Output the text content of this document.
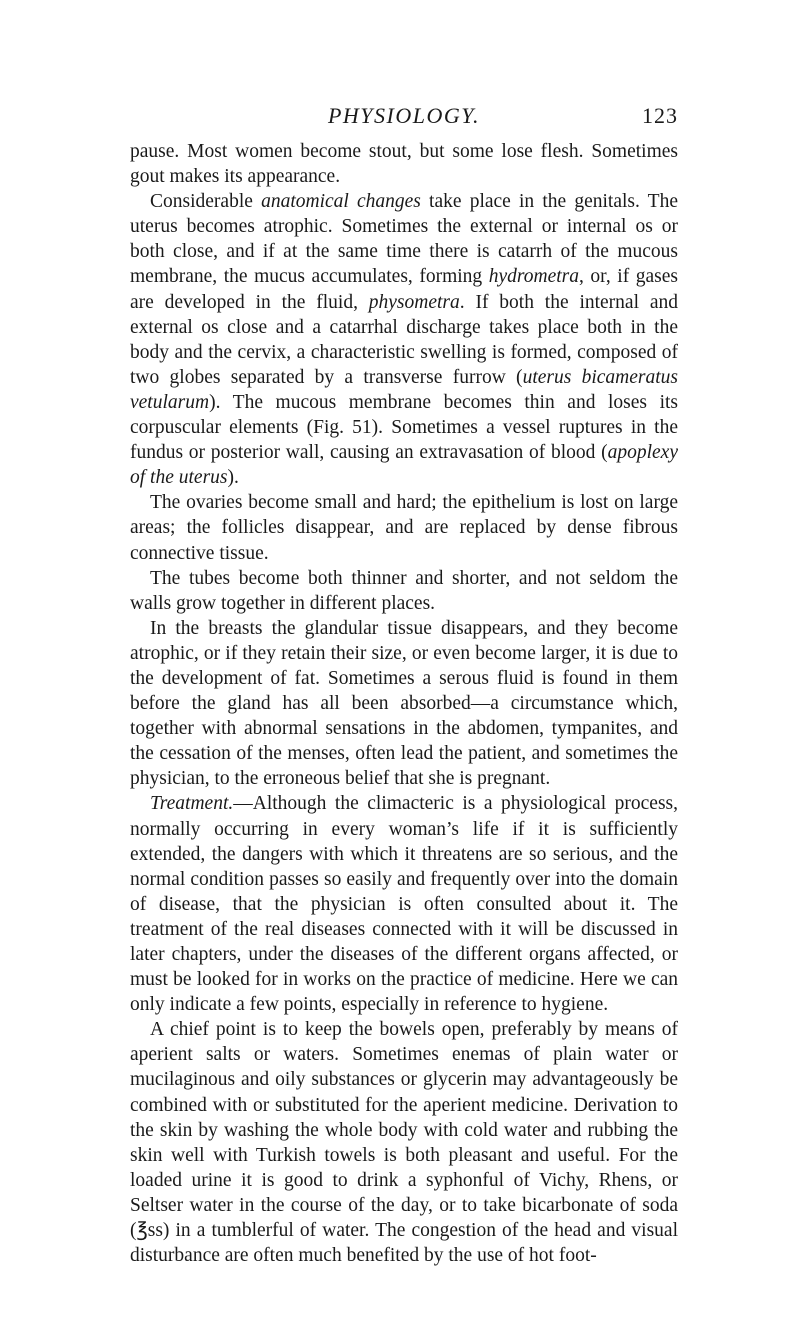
PHYSIOLOGY.	123

pause. Most women become stout, but some lose flesh. Sometimes gout makes its appearance.

Considerable anatomical changes take place in the genitals. The uterus becomes atrophic. Sometimes the external or internal os or both close, and if at the same time there is catarrh of the mucous membrane, the mucus accumulates, forming hydrometra, or, if gases are developed in the fluid, physometra. If both the internal and external os close and a catarrhal discharge takes place both in the body and the cervix, a characteristic swelling is formed, composed of two globes separated by a transverse furrow (uterus bicameratus vetularum). The mucous membrane becomes thin and loses its corpuscular elements (Fig. 51). Sometimes a vessel ruptures in the fundus or posterior wall, causing an extravasation of blood (apoplexy of the uterus).

The ovaries become small and hard; the epithelium is lost on large areas; the follicles disappear, and are replaced by dense fibrous connective tissue.

The tubes become both thinner and shorter, and not seldom the walls grow together in different places.

In the breasts the glandular tissue disappears, and they become atrophic, or if they retain their size, or even become larger, it is due to the development of fat. Sometimes a serous fluid is found in them before the gland has all been absorbed—a circumstance which, together with abnormal sensations in the abdomen, tympanites, and the cessation of the menses, often lead the patient, and sometimes the physician, to the erroneous belief that she is pregnant.

Treatment.—Although the climacteric is a physiological process, normally occurring in every woman’s life if it is sufficiently extended, the dangers with which it threatens are so serious, and the normal condition passes so easily and frequently over into the domain of disease, that the physician is often consulted about it. The treatment of the real diseases connected with it will be discussed in later chapters, under the diseases of the different organs affected, or must be looked for in works on the practice of medicine. Here we can only indicate a few points, especially in reference to hygiene.

A chief point is to keep the bowels open, preferably by means of aperient salts or waters. Sometimes enemas of plain water or mucilaginous and oily substances or glycerin may advantageously be combined with or substituted for the aperient medicine. Derivation to the skin by washing the whole body with cold water and rubbing the skin well with Turkish towels is both pleasant and useful. For the loaded urine it is good to drink a syphonful of Vichy, Rhens, or Seltser water in the course of the day, or to take bicarbonate of soda (℥ss) in a tumblerful of water. The congestion of the head and visual disturbance are often much benefited by the use of hot foot-
